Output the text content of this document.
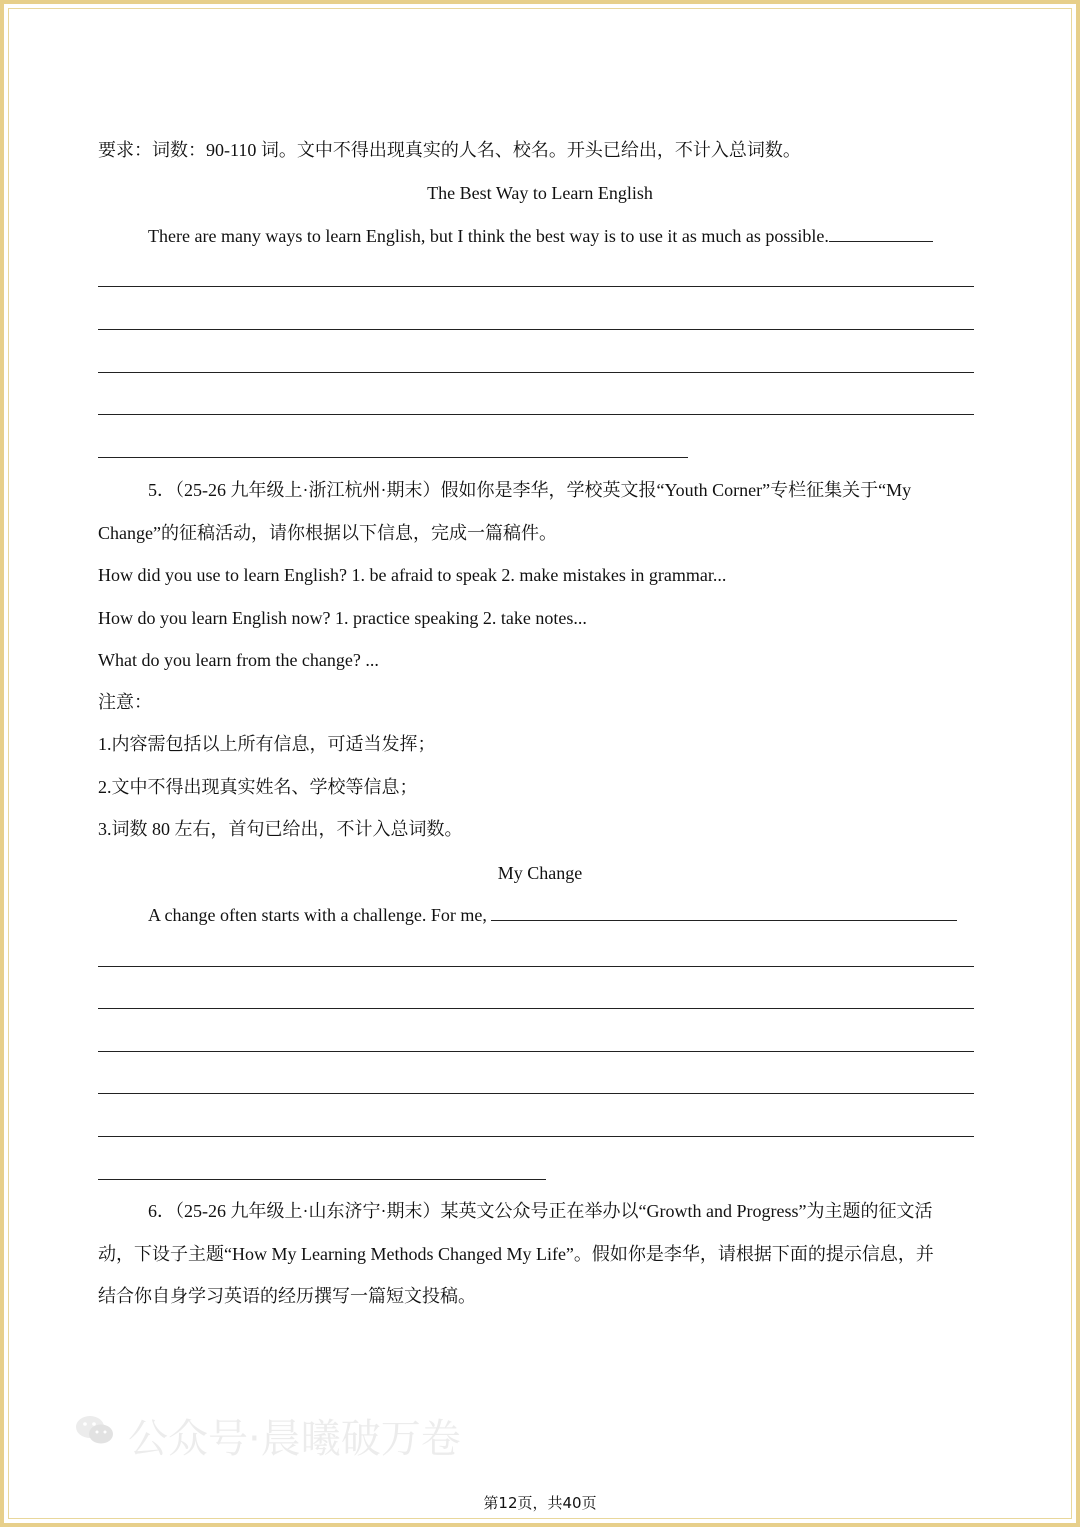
要求：词数：90-110 词。文中不得出现真实的人名、校名。开头已给出，不计入总词数。
The Best Way to Learn English
There are many ways to learn English, but I think the best way is to use it as much as possible.
5．（25-26 九年级上·浙江杭州·期末）假如你是李华，学校英文报“Youth Corner”专栏征集关于“My
Change”的征稿活动，请你根据以下信息，完成一篇稿件。
How did you use to learn English? 1. be afraid to speak 2. make mistakes in grammar...
How do you learn English now? 1. practice speaking 2. take notes...
What do you learn from the change? ...
注意：
1.内容需包括以上所有信息，可适当发挥；
2.文中不得出现真实姓名、学校等信息；
3.词数 80 左右，首句已给出，不计入总词数。
My Change
A change often starts with a challenge. For me,
6．（25-26 九年级上·山东济宁·期末）某英文公众号正在举办以“Growth and Progress”为主题的征文活
动，下设子主题“How My Learning Methods Changed My Life”。假如你是李华，请根据下面的提示信息，并
结合你自身学习英语的经历撰写一篇短文投稿。
公众号·晨曦破万卷
第12页，共40页
